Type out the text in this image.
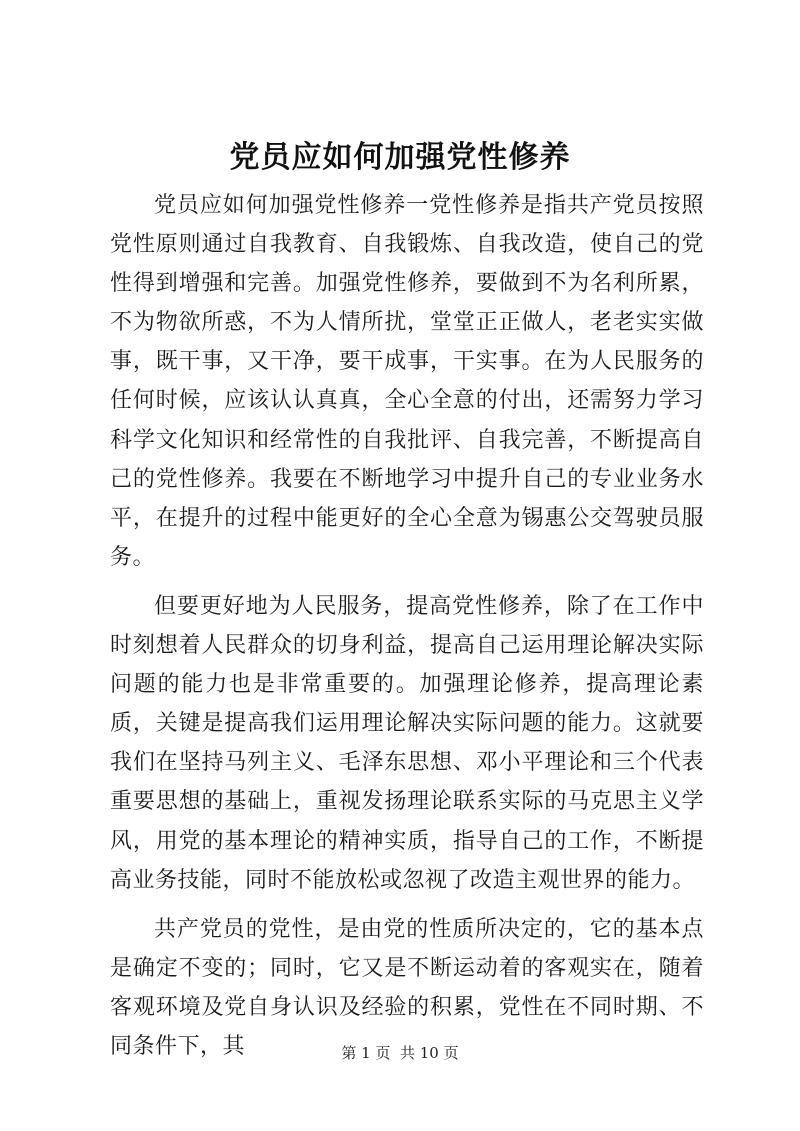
党员应如何加强党性修养

党员应如何加强党性修养一党性修养是指共产党员按照党性原则通过自我教育、自我锻炼、自我改造，使自己的党性得到增强和完善。加强党性修养，要做到不为名利所累，不为物欲所惑，不为人情所扰，堂堂正正做人，老老实实做事，既干事，又干净，要干成事，干实事。在为人民服务的任何时候，应该认认真真，全心全意的付出，还需努力学习科学文化知识和经常性的自我批评、自我完善，不断提高自己的党性修养。我要在不断地学习中提升自己的专业业务水平，在提升的过程中能更好的全心全意为锡惠公交驾驶员服务。

但要更好地为人民服务，提高党性修养，除了在工作中时刻想着人民群众的切身利益，提高自己运用理论解决实际问题的能力也是非常重要的。加强理论修养，提高理论素质，关键是提高我们运用理论解决实际问题的能力。这就要我们在坚持马列主义、毛泽东思想、邓小平理论和三个代表重要思想的基础上，重视发扬理论联系实际的马克思主义学风，用党的基本理论的精神实质，指导自己的工作，不断提高业务技能，同时不能放松或忽视了改造主观世界的能力。

共产党员的党性，是由党的性质所决定的，它的基本点是确定不变的；同时，它又是不断运动着的客观实在，随着客观环境及党自身认识及经验的积累，党性在不同时期、不同条件下，其	第 1 页  共 10 页
